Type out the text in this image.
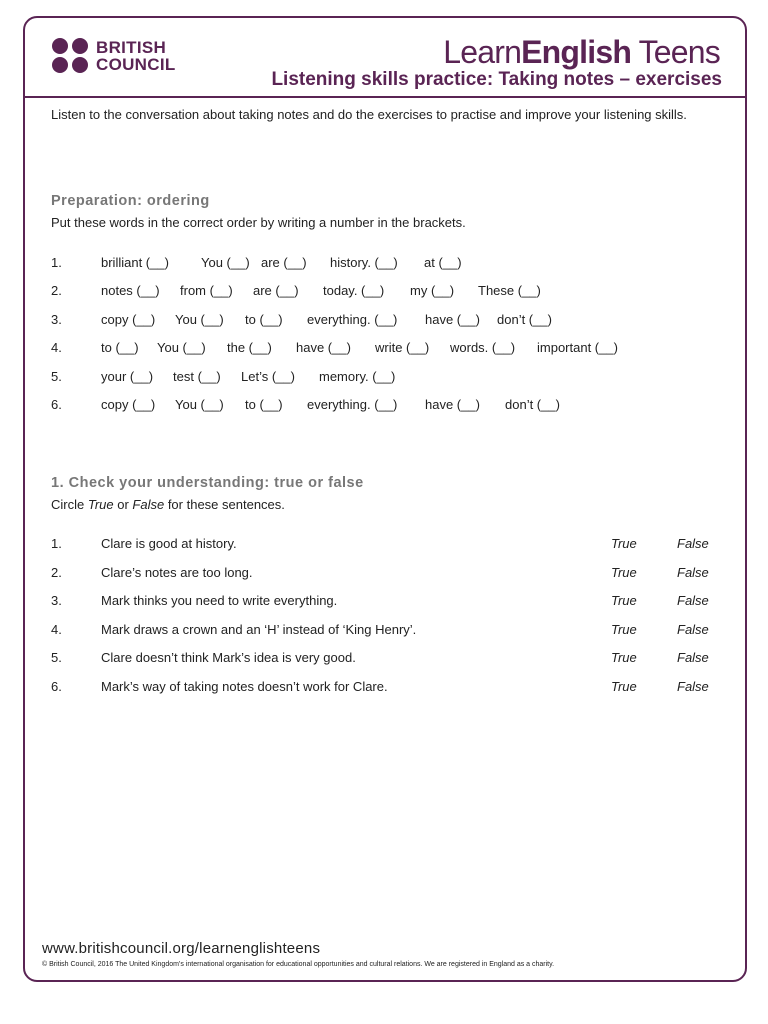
BRITISH
COUNCIL	LearnEnglish Teens
Listening skills practice: Taking notes – exercises
Listen to the conversation about taking notes and do the exercises to practise and improve your listening skills.
Preparation: ordering
Put these words in the correct order by writing a number in the brackets.
1.	brilliant (__) You (__) are (__) history. (__) at (__)
2.	notes (__) from (__) are (__) today. (__) my (__) These (__)
3.	copy (__) You (__) to (__) everything. (__) have (__) don’t (__)
4.	to (__) You (__) the (__) have (__) write (__) words. (__) important (__)
5.	your (__) test (__) Let’s (__) memory. (__)
6.	copy (__) You (__) to (__) everything. (__) have (__) don’t (__)
1. Check your understanding: true or false
Circle True or False for these sentences.
1.	Clare is good at history.	True	False
2.	Clare’s notes are too long.	True	False
3.	Mark thinks you need to write everything.	True	False
4.	Mark draws a crown and an ‘H’ instead of ‘King Henry’.	True	False
5.	Clare doesn’t think Mark’s idea is very good.	True	False
6.	Mark’s way of taking notes doesn’t work for Clare.	True	False
www.britishcouncil.org/learnenglishteens
© British Council, 2016 The United Kingdom’s international organisation for educational opportunities and cultural relations. We are registered in England as a charity.
